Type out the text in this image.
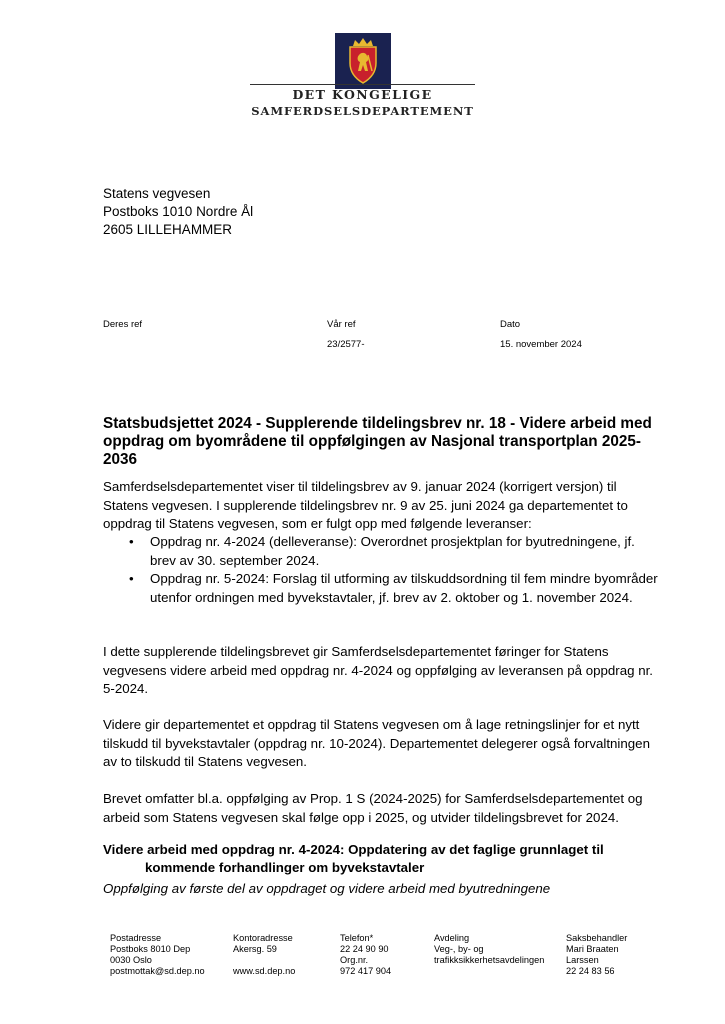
DET KONGELIGE
SAMFERDSELSDEPARTEMENT
Statens vegvesen
Postboks 1010 Nordre Ål
2605 LILLEHAMMER
Deres ref	Vår ref
23/2577-
Dato
15. november 2024
Statsbudsjettet 2024 - Supplerende tildelingsbrev nr. 18 - Videre arbeid med oppdrag om byområdene til oppfølgingen av Nasjonal transportplan 2025-2036
Samferdselsdepartementet viser til tildelingsbrev av 9. januar 2024 (korrigert versjon) til Statens vegvesen. I supplerende tildelingsbrev nr. 9 av 25. juni 2024 ga departementet to oppdrag til Statens vegvesen, som er fulgt opp med følgende leveranser:
• Oppdrag nr. 4-2024 (delleveranse): Overordnet prosjektplan for byutredningene, jf. brev av 30. september 2024.
• Oppdrag nr. 5-2024: Forslag til utforming av tilskuddsordning til fem mindre byområder utenfor ordningen med byvekstavtaler, jf. brev av 2. oktober og 1. november 2024.
I dette supplerende tildelingsbrevet gir Samferdselsdepartementet føringer for Statens vegvesens videre arbeid med oppdrag nr. 4-2024 og oppfølging av leveransen på oppdrag nr. 5-2024.
Videre gir departementet et oppdrag til Statens vegvesen om å lage retningslinjer for et nytt tilskudd til byvekstavtaler (oppdrag nr. 10-2024). Departementet delegerer også forvaltningen av to tilskudd til Statens vegvesen.
Brevet omfatter bl.a. oppfølging av Prop. 1 S (2024-2025) for Samferdselsdepartementet og arbeid som Statens vegvesen skal følge opp i 2025, og utvider tildelingsbrevet for 2024.
Videre arbeid med oppdrag nr. 4-2024: Oppdatering av det faglige grunnlaget til
kommende forhandlinger om byvekstavtaler
Oppfølging av første del av oppdraget og videre arbeid med byutredningene
Postadresse
Postboks 8010 Dep
0030 Oslo
postmottak@sd.dep.no
Kontoradresse
Akersg. 59

www.sd.dep.no
Telefon*
22 24 90 90
Org.nr.
972 417 904
Avdeling
Veg-, by- og
trafikksikkerhetsavdelingen
Saksbehandler
Mari Braaten
Larssen
22 24 83 56
